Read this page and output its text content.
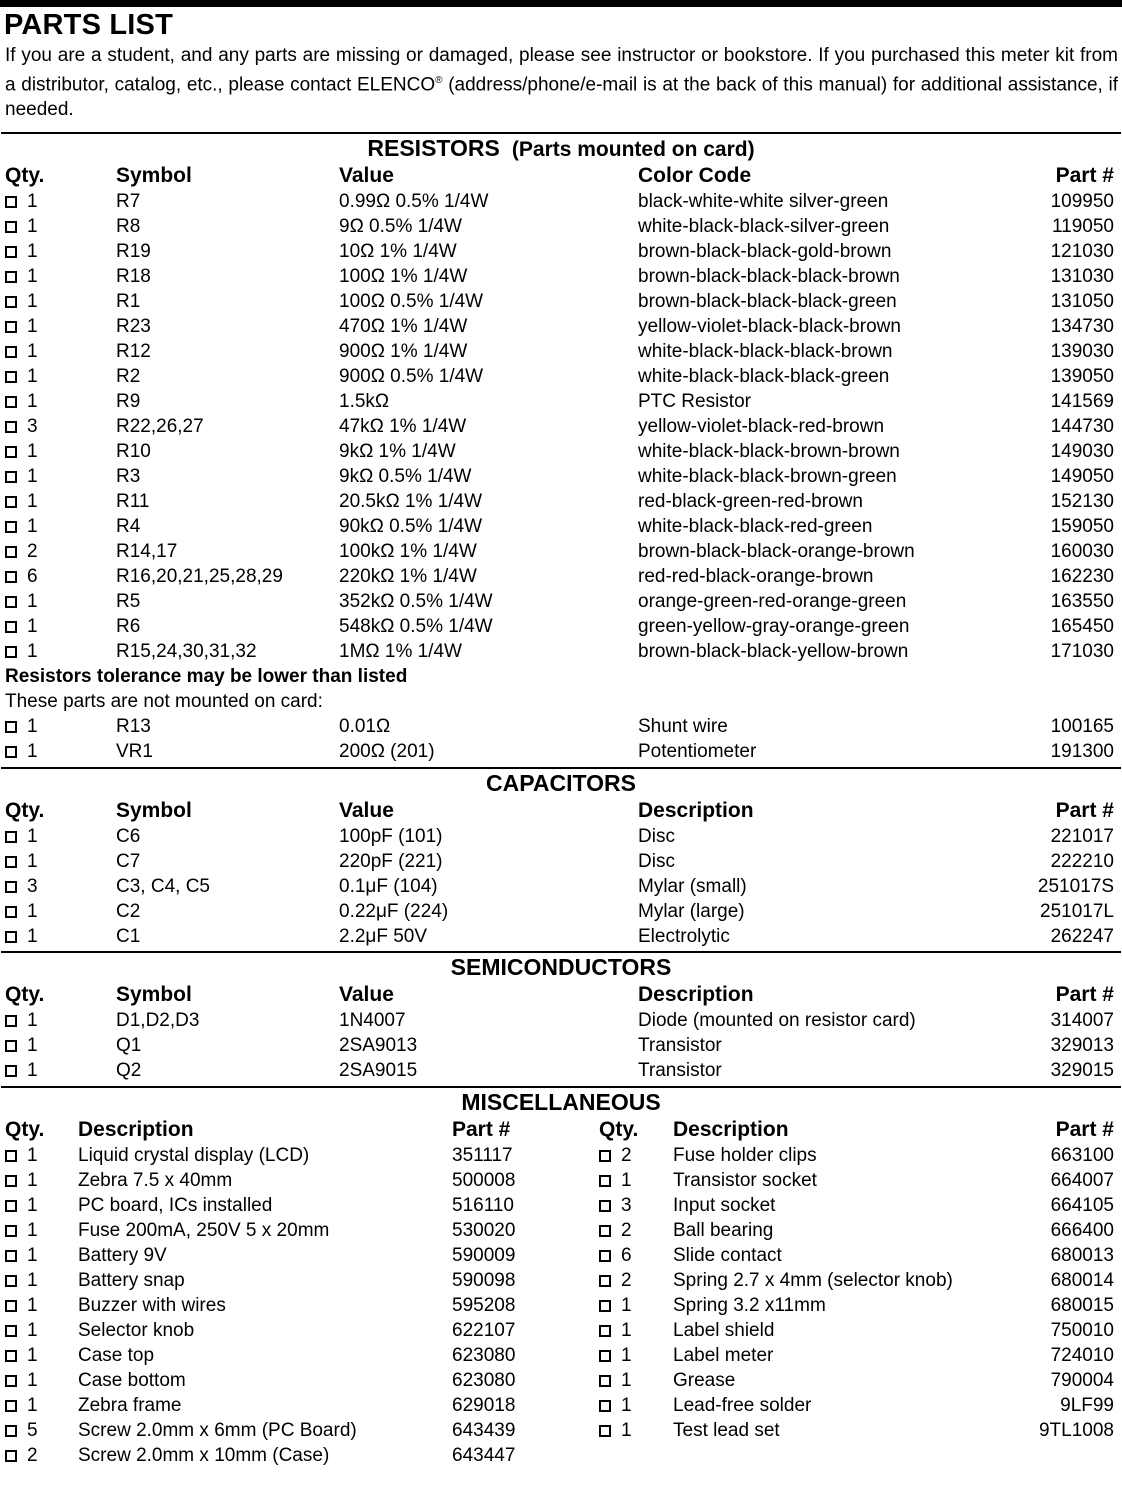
PARTS LIST
If you are a student, and any parts are missing or damaged, please see instructor or bookstore. If you purchased this meter kit from a distributor, catalog, etc., please contact ELENCO® (address/phone/e-mail is at the back of this manual) for additional assistance, if needed.
RESISTORS (Parts mounted on card)
Qty.	Symbol	Value	Color Code	Part #
1	R7	0.99Ω 0.5% 1/4W	black-white-white silver-green	109950
1	R8	9Ω 0.5% 1/4W	white-black-black-silver-green	119050
1	R19	10Ω 1% 1/4W	brown-black-black-gold-brown	121030
1	R18	100Ω 1% 1/4W	brown-black-black-black-brown	131030
1	R1	100Ω 0.5% 1/4W	brown-black-black-black-green	131050
1	R23	470Ω 1% 1/4W	yellow-violet-black-black-brown	134730
1	R12	900Ω 1% 1/4W	white-black-black-black-brown	139030
1	R2	900Ω 0.5% 1/4W	white-black-black-black-green	139050
1	R9	1.5kΩ	PTC Resistor	141569
3	R22,26,27	47kΩ 1% 1/4W	yellow-violet-black-red-brown	144730
1	R10	9kΩ 1% 1/4W	white-black-black-brown-brown	149030
1	R3	9kΩ 0.5% 1/4W	white-black-black-brown-green	149050
1	R11	20.5kΩ 1% 1/4W	red-black-green-red-brown	152130
1	R4	90kΩ 0.5% 1/4W	white-black-black-red-green	159050
2	R14,17	100kΩ 1% 1/4W	brown-black-black-orange-brown	160030
6	R16,20,21,25,28,29	220kΩ 1% 1/4W	red-red-black-orange-brown	162230
1	R5	352kΩ 0.5% 1/4W	orange-green-red-orange-green	163550
1	R6	548kΩ 0.5% 1/4W	green-yellow-gray-orange-green	165450
1	R15,24,30,31,32	1MΩ 1% 1/4W	brown-black-black-yellow-brown	171030
Resistors tolerance may be lower than listed
These parts are not mounted on card:
1	R13	0.01Ω	Shunt wire	100165
1	VR1	200Ω (201)	Potentiometer	191300
CAPACITORS
Qty.	Symbol	Value	Description	Part #
1	C6	100pF (101)	Disc	221017
1	C7	220pF (221)	Disc	222210
3	C3, C4, C5	0.1μF (104)	Mylar (small)	251017S
1	C2	0.22μF (224)	Mylar (large)	251017L
1	C1	2.2μF 50V	Electrolytic	262247
SEMICONDUCTORS
Qty.	Symbol	Value	Description	Part #
1	D1,D2,D3	1N4007	Diode (mounted on resistor card)	314007
1	Q1	2SA9013	Transistor	329013
1	Q2	2SA9015	Transistor	329015
MISCELLANEOUS
Qty. Description	Part #	Qty. Description	Part #
1 Liquid crystal display (LCD)	351117	2 Fuse holder clips	663100
1 Zebra 7.5 x 40mm	500008	1 Transistor socket	664007
1 PC board, ICs installed	516110	3 Input socket	664105
1 Fuse 200mA, 250V 5 x 20mm	530020	2 Ball bearing	666400
1 Battery 9V	590009	6 Slide contact	680013
1 Battery snap	590098	2 Spring 2.7 x 4mm (selector knob)	680014
1 Buzzer with wires	595208	1 Spring 3.2 x11mm	680015
1 Selector knob	622107	1 Label shield	750010
1 Case top	623080	1 Label meter	724010
1 Case bottom	623080	1 Grease	790004
1 Zebra frame	629018	1 Lead-free solder	9LF99
5 Screw 2.0mm x 6mm (PC Board)	643439	1 Test lead set	9TL1008
2 Screw 2.0mm x 10mm (Case)	643447
